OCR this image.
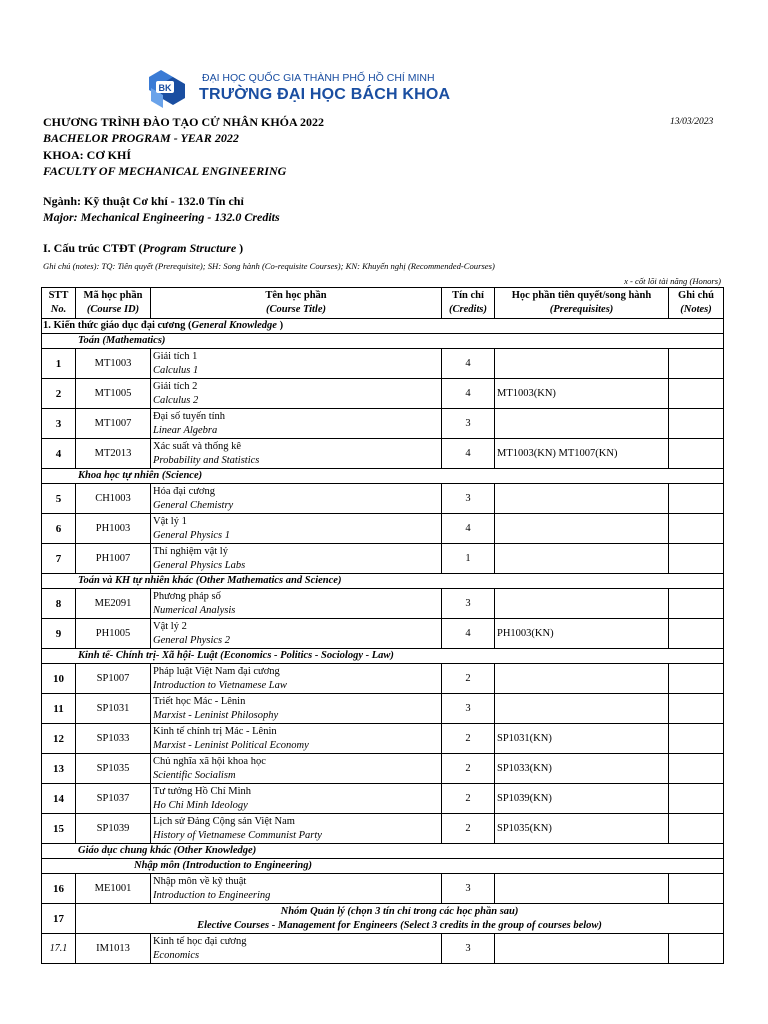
BK
ĐẠI HỌC QUỐC GIA THÀNH PHỐ HỒ CHÍ MINH
TRƯỜNG ĐẠI HỌC BÁCH KHOA
CHƯƠNG TRÌNH ĐÀO TẠO CỬ NHÂN KHÓA 2022
BACHELOR PROGRAM - YEAR 2022
KHOA: CƠ KHÍ
FACULTY OF MECHANICAL ENGINEERING
13/03/2023
Ngành: Kỹ thuật Cơ khí - 132.0 Tín chỉ
Major: Mechanical Engineering - 132.0 Credits
I. Cấu trúc CTĐT (Program Structure )
Ghi chú (notes): TQ: Tiên quyết (Prerequisite); SH: Song hành (Co-requisite Courses); KN: Khuyến nghị (Recommended-Courses)
x - cốt lõi tài năng (Honors)
STT
No.	Mã học phần
(Course ID)	Tên học phần
(Course Title)	Tín chỉ
(Credits)	Học phần tiên quyết/song hành
(Prerequisites)	Ghi chú
(Notes)
1. Kiến thức giáo dục đại cương (General Knowledge )					
Toán (Mathematics)					
1	MT1003	Giải tích 1
Calculus 1	4		
2	MT1005	Giải tích 2
Calculus 2	4	MT1003(KN)	
3	MT1007	Đại số tuyến tính
Linear Algebra	3		
4	MT2013	Xác suất và thống kê
Probability and Statistics	4	MT1003(KN) MT1007(KN)	
Khoa học tự nhiên (Science)					
5	CH1003	Hóa đại cương
General Chemistry	3		
6	PH1003	Vật lý 1
General Physics 1	4		
7	PH1007	Thí nghiệm vật lý
General Physics Labs	1		
Toán và KH tự nhiên khác (Other Mathematics and Science)					
8	ME2091	Phương pháp số
Numerical Analysis	3		
9	PH1005	Vật lý 2
General Physics 2	4	PH1003(KN)	
Kinh tế- Chính trị- Xã hội- Luật (Economics - Politics - Sociology - Law)					
10	SP1007	Pháp luật Việt Nam đại cương
Introduction to Vietnamese Law	2		
11	SP1031	Triết học Mác - Lênin
Marxist - Leninist Philosophy	3		
12	SP1033	Kinh tế chính trị Mác - Lênin
Marxist - Leninist Political Economy	2	SP1031(KN)	
13	SP1035	Chủ nghĩa xã hội khoa học
Scientific Socialism	2	SP1033(KN)	
14	SP1037	Tư tưởng Hồ Chí Minh
Ho Chi Minh Ideology	2	SP1039(KN)	
15	SP1039	Lịch sử Đảng Cộng sản Việt Nam
History of Vietnamese Communist Party	2	SP1035(KN)	
Giáo dục chung khác (Other Knowledge)					
Nhập môn (Introduction to Engineering)					
16	ME1001	Nhập môn về kỹ thuật
Introduction to Engineering	3		
17	Nhóm Quản lý (chọn 3 tín chỉ trong các học phần sau)
Elective Courses - Management for Engineers (Select 3 credits in the group of courses below)				

17.1	IM1013	Kinh tế học đại cương
Economics	3		
